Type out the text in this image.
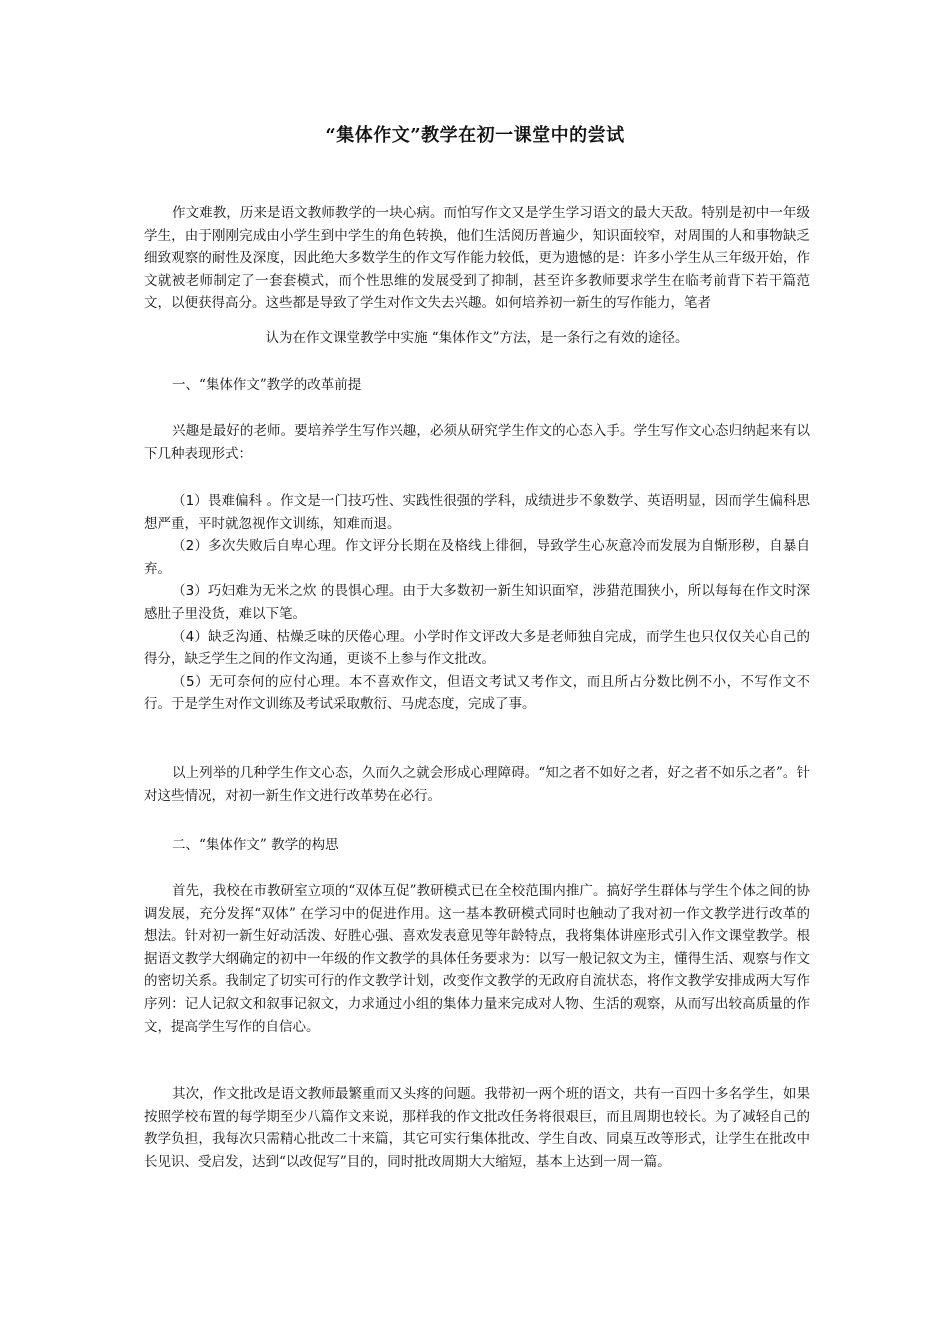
“集体作文”教学在初一课堂中的尝试

作文难教，历来是语文教师教学的一块心病。而怕写作文又是学生学习语文的最大天敌。特别是初中一年级学生，由于刚刚完成由小学生到中学生的角色转换，他们生活阅历普遍少，知识面较窄，对周围的人和事物缺乏细致观察的耐性及深度，因此绝大多数学生的作文写作能力较低，更为遗憾的是：许多小学生从三年级开始，作文就被老师制定了一套套模式，而个性思维的发展受到了抑制，甚至许多教师要求学生在临考前背下若干篇范文，以便获得高分。这些都是导致了学生对作文失去兴趣。如何培养初一新生的写作能力，笔者

认为在作文课堂教学中实施 “集体作文”方法，是一条行之有效的途径。

一、“集体作文”教学的改革前提

兴趣是最好的老师。要培养学生写作兴趣，必须从研究学生作文的心态入手。学生写作文心态归纳起来有以下几种表现形式：

（1）畏难偏科 。作文是一门技巧性、实践性很强的学科，成绩进步不象数学、英语明显，因而学生偏科思想严重，平时就忽视作文训练，知难而退。

（2）多次失败后自卑心理。作文评分长期在及格线上徘徊，导致学生心灰意冷而发展为自惭形秽，自暴自弃。

（3）巧妇难为无米之炊 的畏惧心理。由于大多数初一新生知识面窄，涉猎范围狭小，所以每每在作文时深感肚子里没货，难以下笔。

（4）缺乏沟通、枯燥乏味的厌倦心理。小学时作文评改大多是老师独自完成，而学生也只仅仅关心自己的得分，缺乏学生之间的作文沟通，更谈不上参与作文批改。

（5）无可奈何的应付心理。本不喜欢作文，但语文考试又考作文，而且所占分数比例不小，不写作文不行。于是学生对作文训练及考试采取敷衍、马虎态度，完成了事。

以上列举的几种学生作文心态，久而久之就会形成心理障碍。“知之者不如好之者，好之者不如乐之者”。针对这些情况，对初一新生作文进行改革势在必行。

二、“集体作文” 教学的构思

首先，我校在市教研室立项的“双体互促”教研模式已在全校范围内推广。搞好学生群体与学生个体之间的协调发展，充分发挥“双体” 在学习中的促进作用。这一基本教研模式同时也触动了我对初一作文教学进行改革的想法。针对初一新生好动活泼、好胜心强、喜欢发表意见等年龄特点，我将集体讲座形式引入作文课堂教学。根据语文教学大纲确定的初中一年级的作文教学的具体任务要求为：以写一般记叙文为主，懂得生活、观察与作文的密切关系。我制定了切实可行的作文教学计划，改变作文教学的无政府自流状态，将作文教学安排成两大写作序列：记人记叙文和叙事记叙文，力求通过小组的集体力量来完成对人物、生活的观察，从而写出较高质量的作文，提高学生写作的自信心。

其次，作文批改是语文教师最繁重而又头疼的问题。我带初一两个班的语文，共有一百四十多名学生，如果按照学校布置的每学期至少八篇作文来说，那样我的作文批改任务将很艰巨，而且周期也较长。为了减轻自己的教学负担，我每次只需精心批改二十来篇，其它可实行集体批改、学生自改、同桌互改等形式，让学生在批改中长见识、受启发，达到“以改促写”目的，同时批改周期大大缩短，基本上达到一周一篇。
